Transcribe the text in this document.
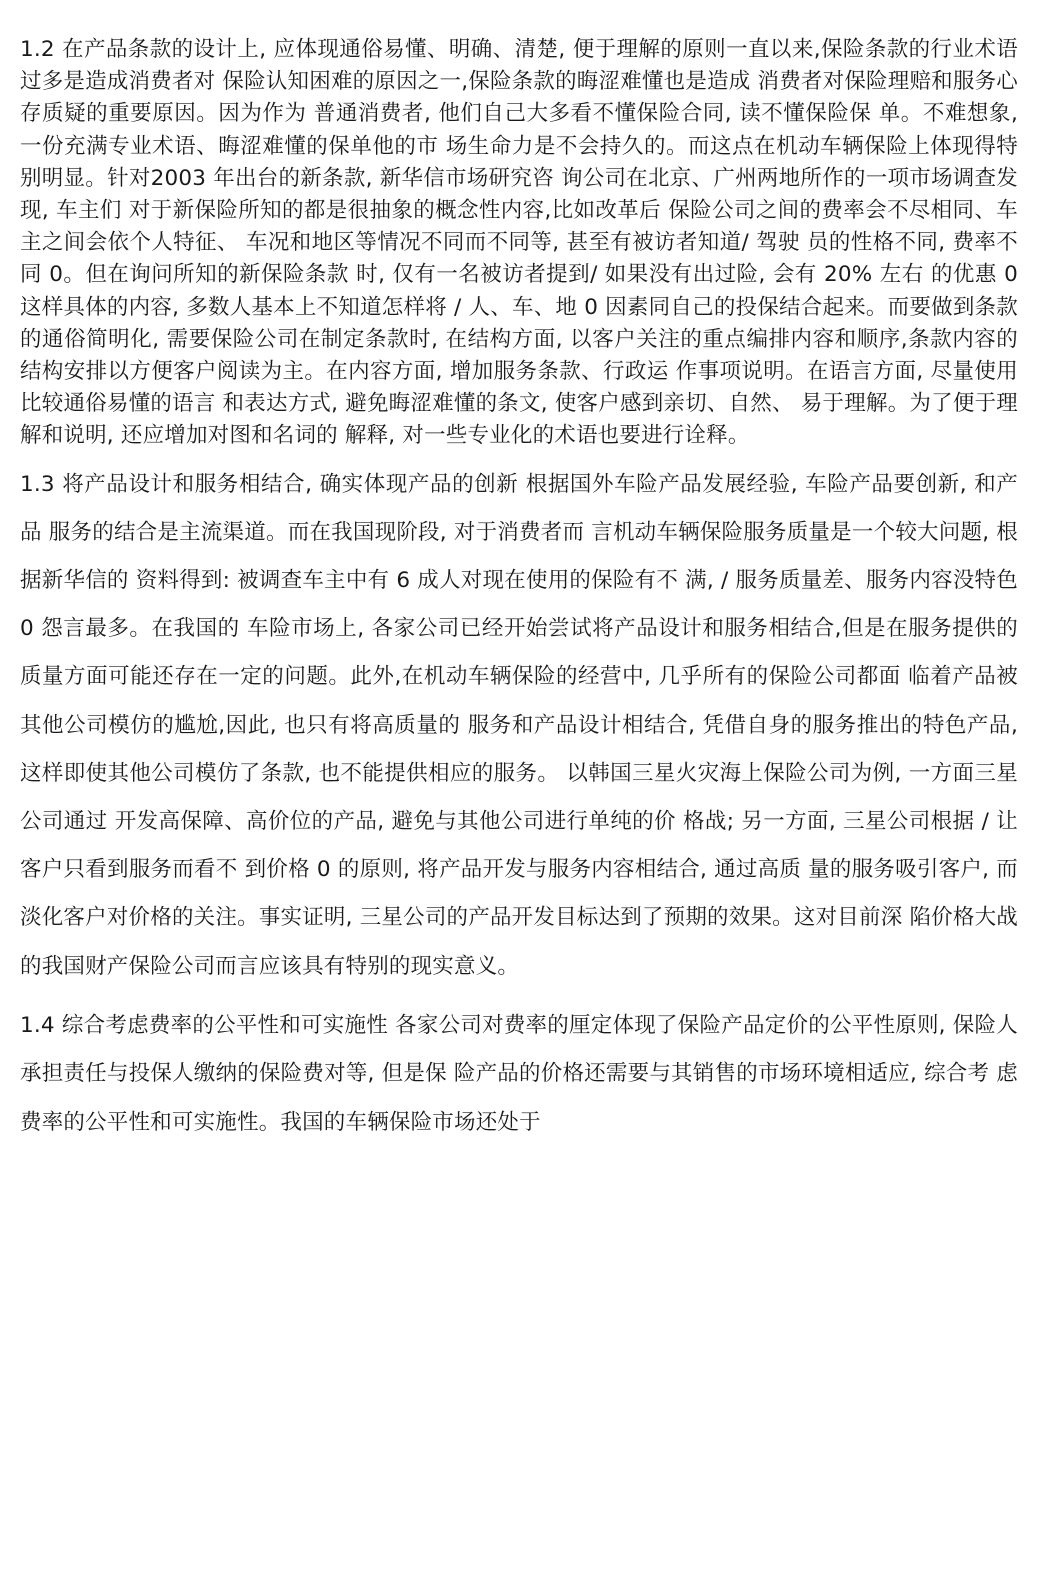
1.2 在产品条款的设计上, 应体现通俗易懂、明确、清楚, 便于理解的原则一直以来,保险条款的行业术语过多是造成消费者对 保险认知困难的原因之一,保险条款的晦涩难懂也是造成 消费者对保险理赔和服务心存质疑的重要原因。因为作为 普通消费者, 他们自己大多看不懂保险合同, 读不懂保险保 单。不难想象, 一份充满专业术语、晦涩难懂的保单他的市 场生命力是不会持久的。而这点在机动车辆保险上体现得特别明显。针对2003 年出台的新条款, 新华信市场研究咨 询公司在北京、广州两地所作的一项市场调查发现, 车主们 对于新保险所知的都是很抽象的概念性内容,比如改革后 保险公司之间的费率会不尽相同、车主之间会依个人特征、 车况和地区等情况不同而不同等, 甚至有被访者知道/ 驾驶 员的性格不同, 费率不同 0。但在询问所知的新保险条款 时, 仅有一名被访者提到/ 如果没有出过险, 会有 20% 左右 的优惠 0 这样具体的内容, 多数人基本上不知道怎样将 / 人、车、地 0 因素同自己的投保结合起来。而要做到条款 的通俗简明化, 需要保险公司在制定条款时, 在结构方面, 以客户关注的重点编排内容和顺序,条款内容的结构安排以方便客户阅读为主。在内容方面, 增加服务条款、行政运 作事项说明。在语言方面, 尽量使用比较通俗易懂的语言 和表达方式, 避免晦涩难懂的条文, 使客户感到亲切、自然、 易于理解。为了便于理解和说明, 还应增加对图和名词的 解释, 对一些专业化的术语也要进行诠释。

1.3 将产品设计和服务相结合, 确实体现产品的创新 根据国外车险产品发展经验, 车险产品要创新, 和产品 服务的结合是主流渠道。而在我国现阶段, 对于消费者而 言机动车辆保险服务质量是一个较大问题, 根据新华信的 资料得到: 被调查车主中有 6 成人对现在使用的保险有不 满, / 服务质量差、服务内容没特色 0 怨言最多。在我国的 车险市场上, 各家公司已经开始尝试将产品设计和服务相结合,但是在服务提供的质量方面可能还存在一定的问题。此外,在机动车辆保险的经营中, 几乎所有的保险公司都面 临着产品被其他公司模仿的尴尬,因此, 也只有将高质量的 服务和产品设计相结合, 凭借自身的服务推出的特色产品, 这样即使其他公司模仿了条款, 也不能提供相应的服务。 以韩国三星火灾海上保险公司为例, 一方面三星公司通过 开发高保障、高价位的产品, 避免与其他公司进行单纯的价 格战; 另一方面, 三星公司根据 / 让客户只看到服务而看不 到价格 0 的原则, 将产品开发与服务内容相结合, 通过高质 量的服务吸引客户, 而淡化客户对价格的关注。事实证明, 三星公司的产品开发目标达到了预期的效果。这对目前深 陷价格大战的我国财产保险公司而言应该具有特别的现实意义。

1.4 综合考虑费率的公平性和可实施性 各家公司对费率的厘定体现了保险产品定价的公平性原则, 保险人承担责任与投保人缴纳的保险费对等, 但是保 险产品的价格还需要与其销售的市场环境相适应, 综合考 虑费率的公平性和可实施性。我国的车辆保险市场还处于
